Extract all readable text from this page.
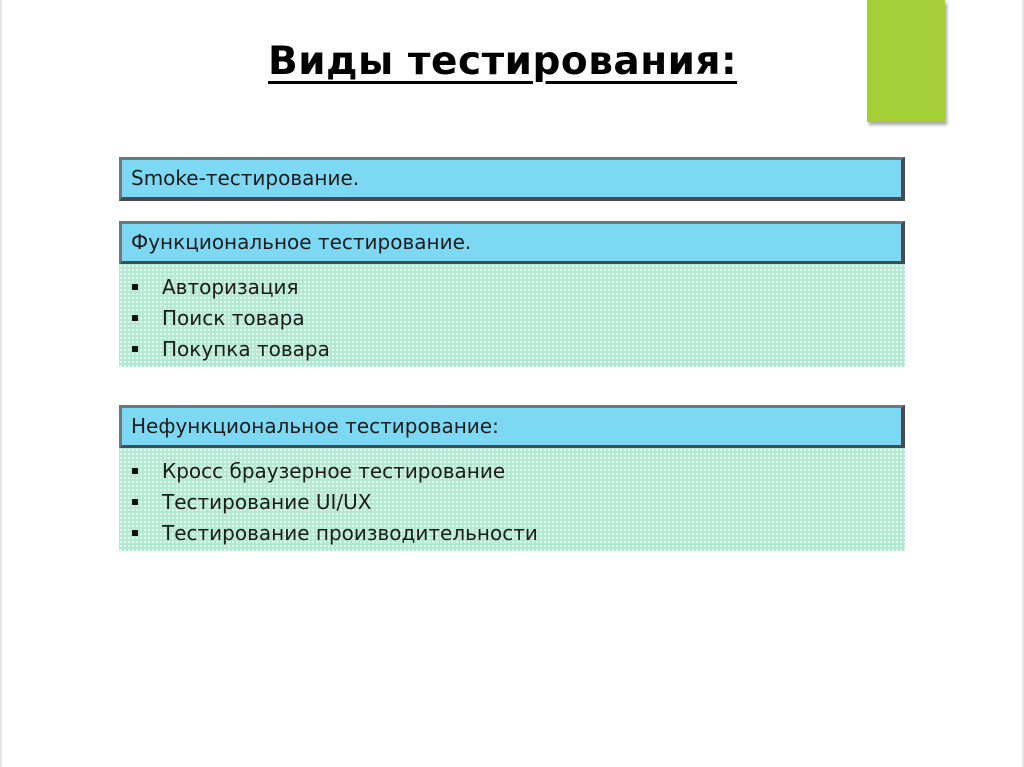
Виды тестирования:
Smoke-тестирование.
Функциональное тестирование.
Авторизация
Поиск товара
Покупка товара
Нефункциональное тестирование:
Кросс браузерное тестирование
Тестирование UI/UX
Тестирование производительности
